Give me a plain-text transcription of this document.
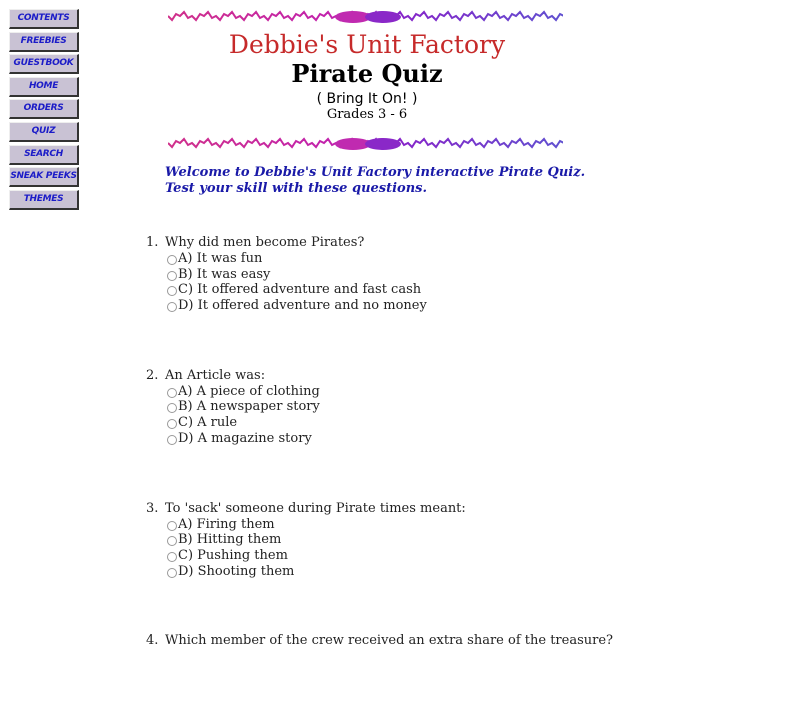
CONTENTS
FREEBIES
GUESTBOOK
HOME
ORDERS
QUIZ
SEARCH
SNEAK PEEKS
THEMES
Debbie's Unit Factory
Pirate Quiz
( Bring It On! )
Grades 3 - 6
Welcome to Debbie's Unit Factory interactive Pirate Quiz. Test your skill with these questions.
1. Why did men become Pirates?
A) It was fun
B) It was easy
C) It offered adventure and fast cash
D) It offered adventure and no money
2. An Article was:
A) A piece of clothing
B) A newspaper story
C) A rule
D) A magazine story
3. To 'sack' someone during Pirate times meant:
A) Firing them
B) Hitting them
C) Pushing them
D) Shooting them
4. Which member of the crew received an extra share of the treasure?
